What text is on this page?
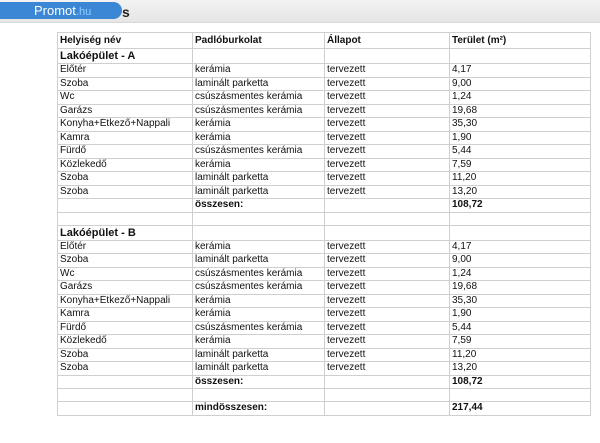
Promot.hu	s
Helyiség név	Padlóburkolat	Állapot	Terület (m²)
Lakóépület - A			
Előtér	kerámia	tervezett	4,17
Szoba	laminált parketta	tervezett	9,00
Wc	csúszásmentes kerámia	tervezett	1,24
Garázs	csúszásmentes kerámia	tervezett	19,68
Konyha+Étkező+Nappali	kerámia	tervezett	35,30
Kamra	kerámia	tervezett	1,90
Fürdő	csúszásmentes kerámia	tervezett	5,44
Közlekedő	kerámia	tervezett	7,59
Szoba	laminált parketta	tervezett	11,20
Szoba	laminált parketta	tervezett	13,20
	összesen:		108,72

Lakóépület - B			
Előtér	kerámia	tervezett	4,17
Szoba	laminált parketta	tervezett	9,00
Wc	csúszásmentes kerámia	tervezett	1,24
Garázs	csúszásmentes kerámia	tervezett	19,68
Konyha+Étkező+Nappali	kerámia	tervezett	35,30
Kamra	kerámia	tervezett	1,90
Fürdő	csúszásmentes kerámia	tervezett	5,44
Közlekedő	kerámia	tervezett	7,59
Szoba	laminált parketta	tervezett	11,20
Szoba	laminált parketta	tervezett	13,20
	összesen:		108,72

	mindösszesen:		217,44
